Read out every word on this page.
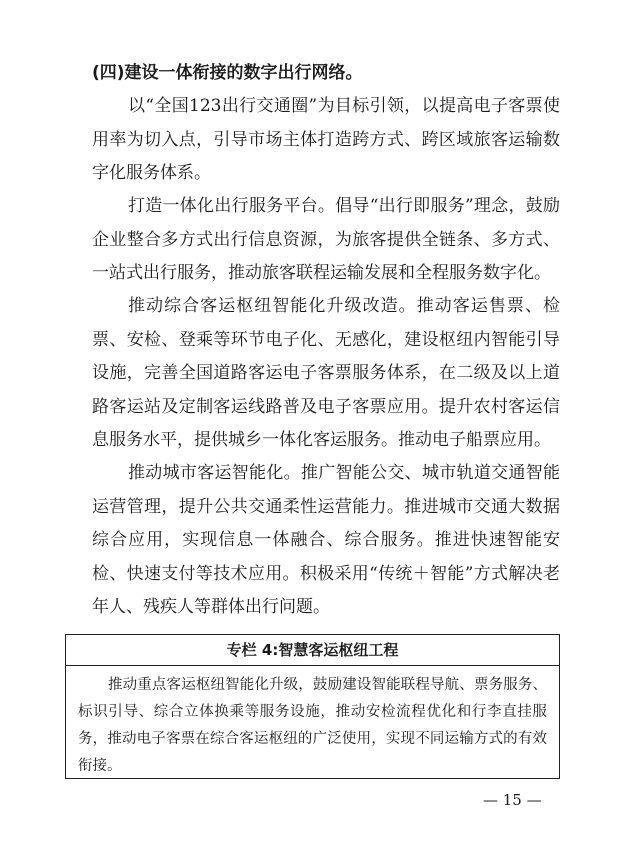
(四)建设一体衔接的数字出行网络。

以“全国123出行交通圈”为目标引领，以提高电子客票使用率为切入点，引导市场主体打造跨方式、跨区域旅客运输数字化服务体系。

打造一体化出行服务平台。倡导“出行即服务”理念，鼓励企业整合多方式出行信息资源，为旅客提供全链条、多方式、一站式出行服务，推动旅客联程运输发展和全程服务数字化。

推动综合客运枢纽智能化升级改造。推动客运售票、检票、安检、登乘等环节电子化、无感化，建设枢纽内智能引导设施，完善全国道路客运电子客票服务体系，在二级及以上道路客运站及定制客运线路普及电子客票应用。提升农村客运信息服务水平，提供城乡一体化客运服务。推动电子船票应用。

推动城市客运智能化。推广智能公交、城市轨道交通智能运营管理，提升公共交通柔性运营能力。推进城市交通大数据综合应用，实现信息一体融合、综合服务。推进快速智能安检、快速支付等技术应用。积极采用“传统＋智能”方式解决老年人、残疾人等群体出行问题。

专栏 4:智慧客运枢纽工程

推动重点客运枢纽智能化升级，鼓励建设智能联程导航、票务服务、标识引导、综合立体换乘等服务设施，推动安检流程优化和行李直挂服务，推动电子客票在综合客运枢纽的广泛使用，实现不同运输方式的有效衔接。

— 15 —
